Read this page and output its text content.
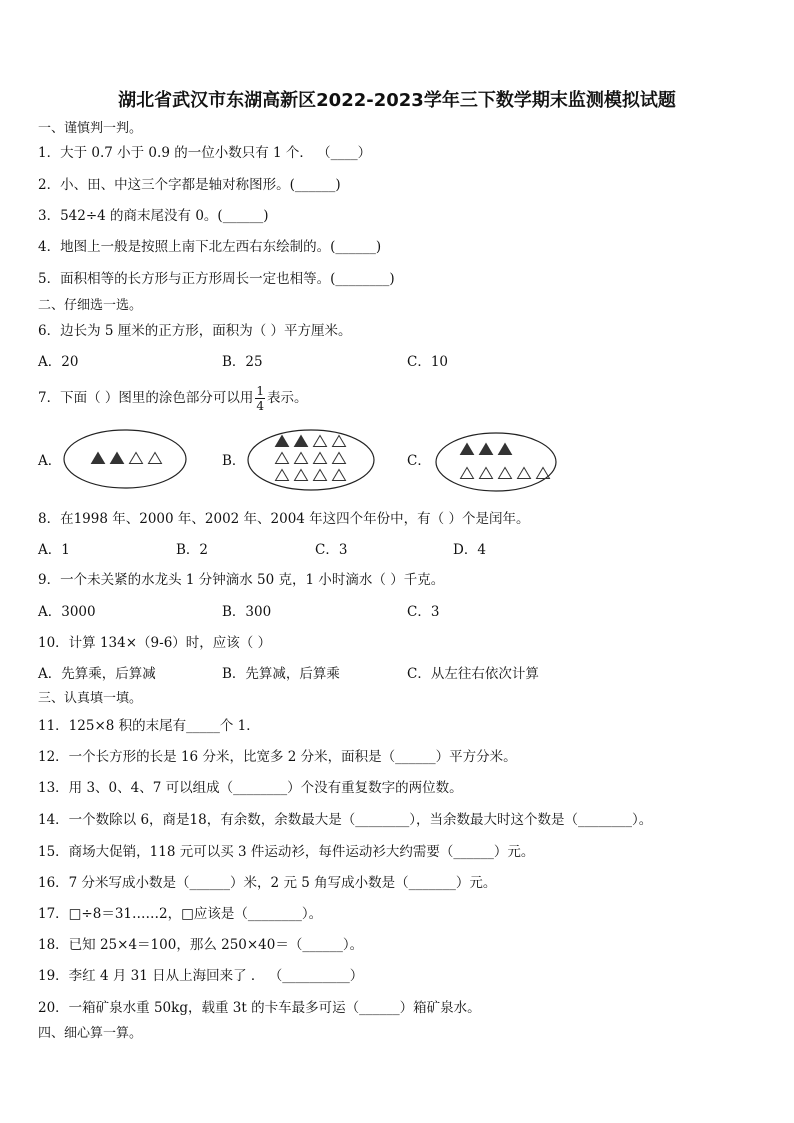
湖北省武汉市东湖高新区2022-2023学年三下数学期末监测模拟试题
一、谨慎判一判。
1．大于 0.7 小于 0.9 的一位小数只有 1 个． （____）
2．小、田、中这三个字都是轴对称图形。(______)
3．542÷4 的商末尾没有 0。(______)
4．地图上一般是按照上南下北左西右东绘制的。(______)
5．面积相等的长方形与正方形周长一定也相等。(________)
二、仔细选一选。
6．边长为 5 厘米的正方形，面积为（ ）平方厘米。
A．20	B．25	C．10
7．下面（ ）图里的涂色部分可以用 $\frac{1}{4}$ 表示。
A．	B．	C．
8．在1998 年、2000 年、2002 年、2004 年这四个年份中，有（ ）个是闰年。
A．1	B．2	C．3	D．4
9．一个未关紧的水龙头 1 分钟滴水 50 克，1 小时滴水（ ）千克。
A．3000	B．300	C．3
10．计算 134×（9-6）时，应该（ ）
A．先算乘，后算减	B．先算减，后算乘	C．从左往右依次计算
三、认真填一填。
11．125×8 积的末尾有_____个 1．
12．一个长方形的长是 16 分米，比宽多 2 分米，面积是（______）平方分米。
13．用 3、0、4、7 可以组成（________）个没有重复数字的两位数。
14．一个数除以 6，商是18，有余数，余数最大是（________），当余数最大时这个数是（________）。
15．商场大促销，118 元可以买 3 件运动衫，每件运动衫大约需要（______）元。
16．7 分米写成小数是（______）米，2 元 5 角写成小数是（_______）元。
17．□÷8＝31……2，□应该是（________）。
18．已知 25×4＝100，那么 250×40＝（______）。
19．李红 4 月 31 日从上海回来了 ． （__________）
20．一箱矿泉水重 50kg，载重 3t 的卡车最多可运（______）箱矿泉水。
四、细心算一算。
